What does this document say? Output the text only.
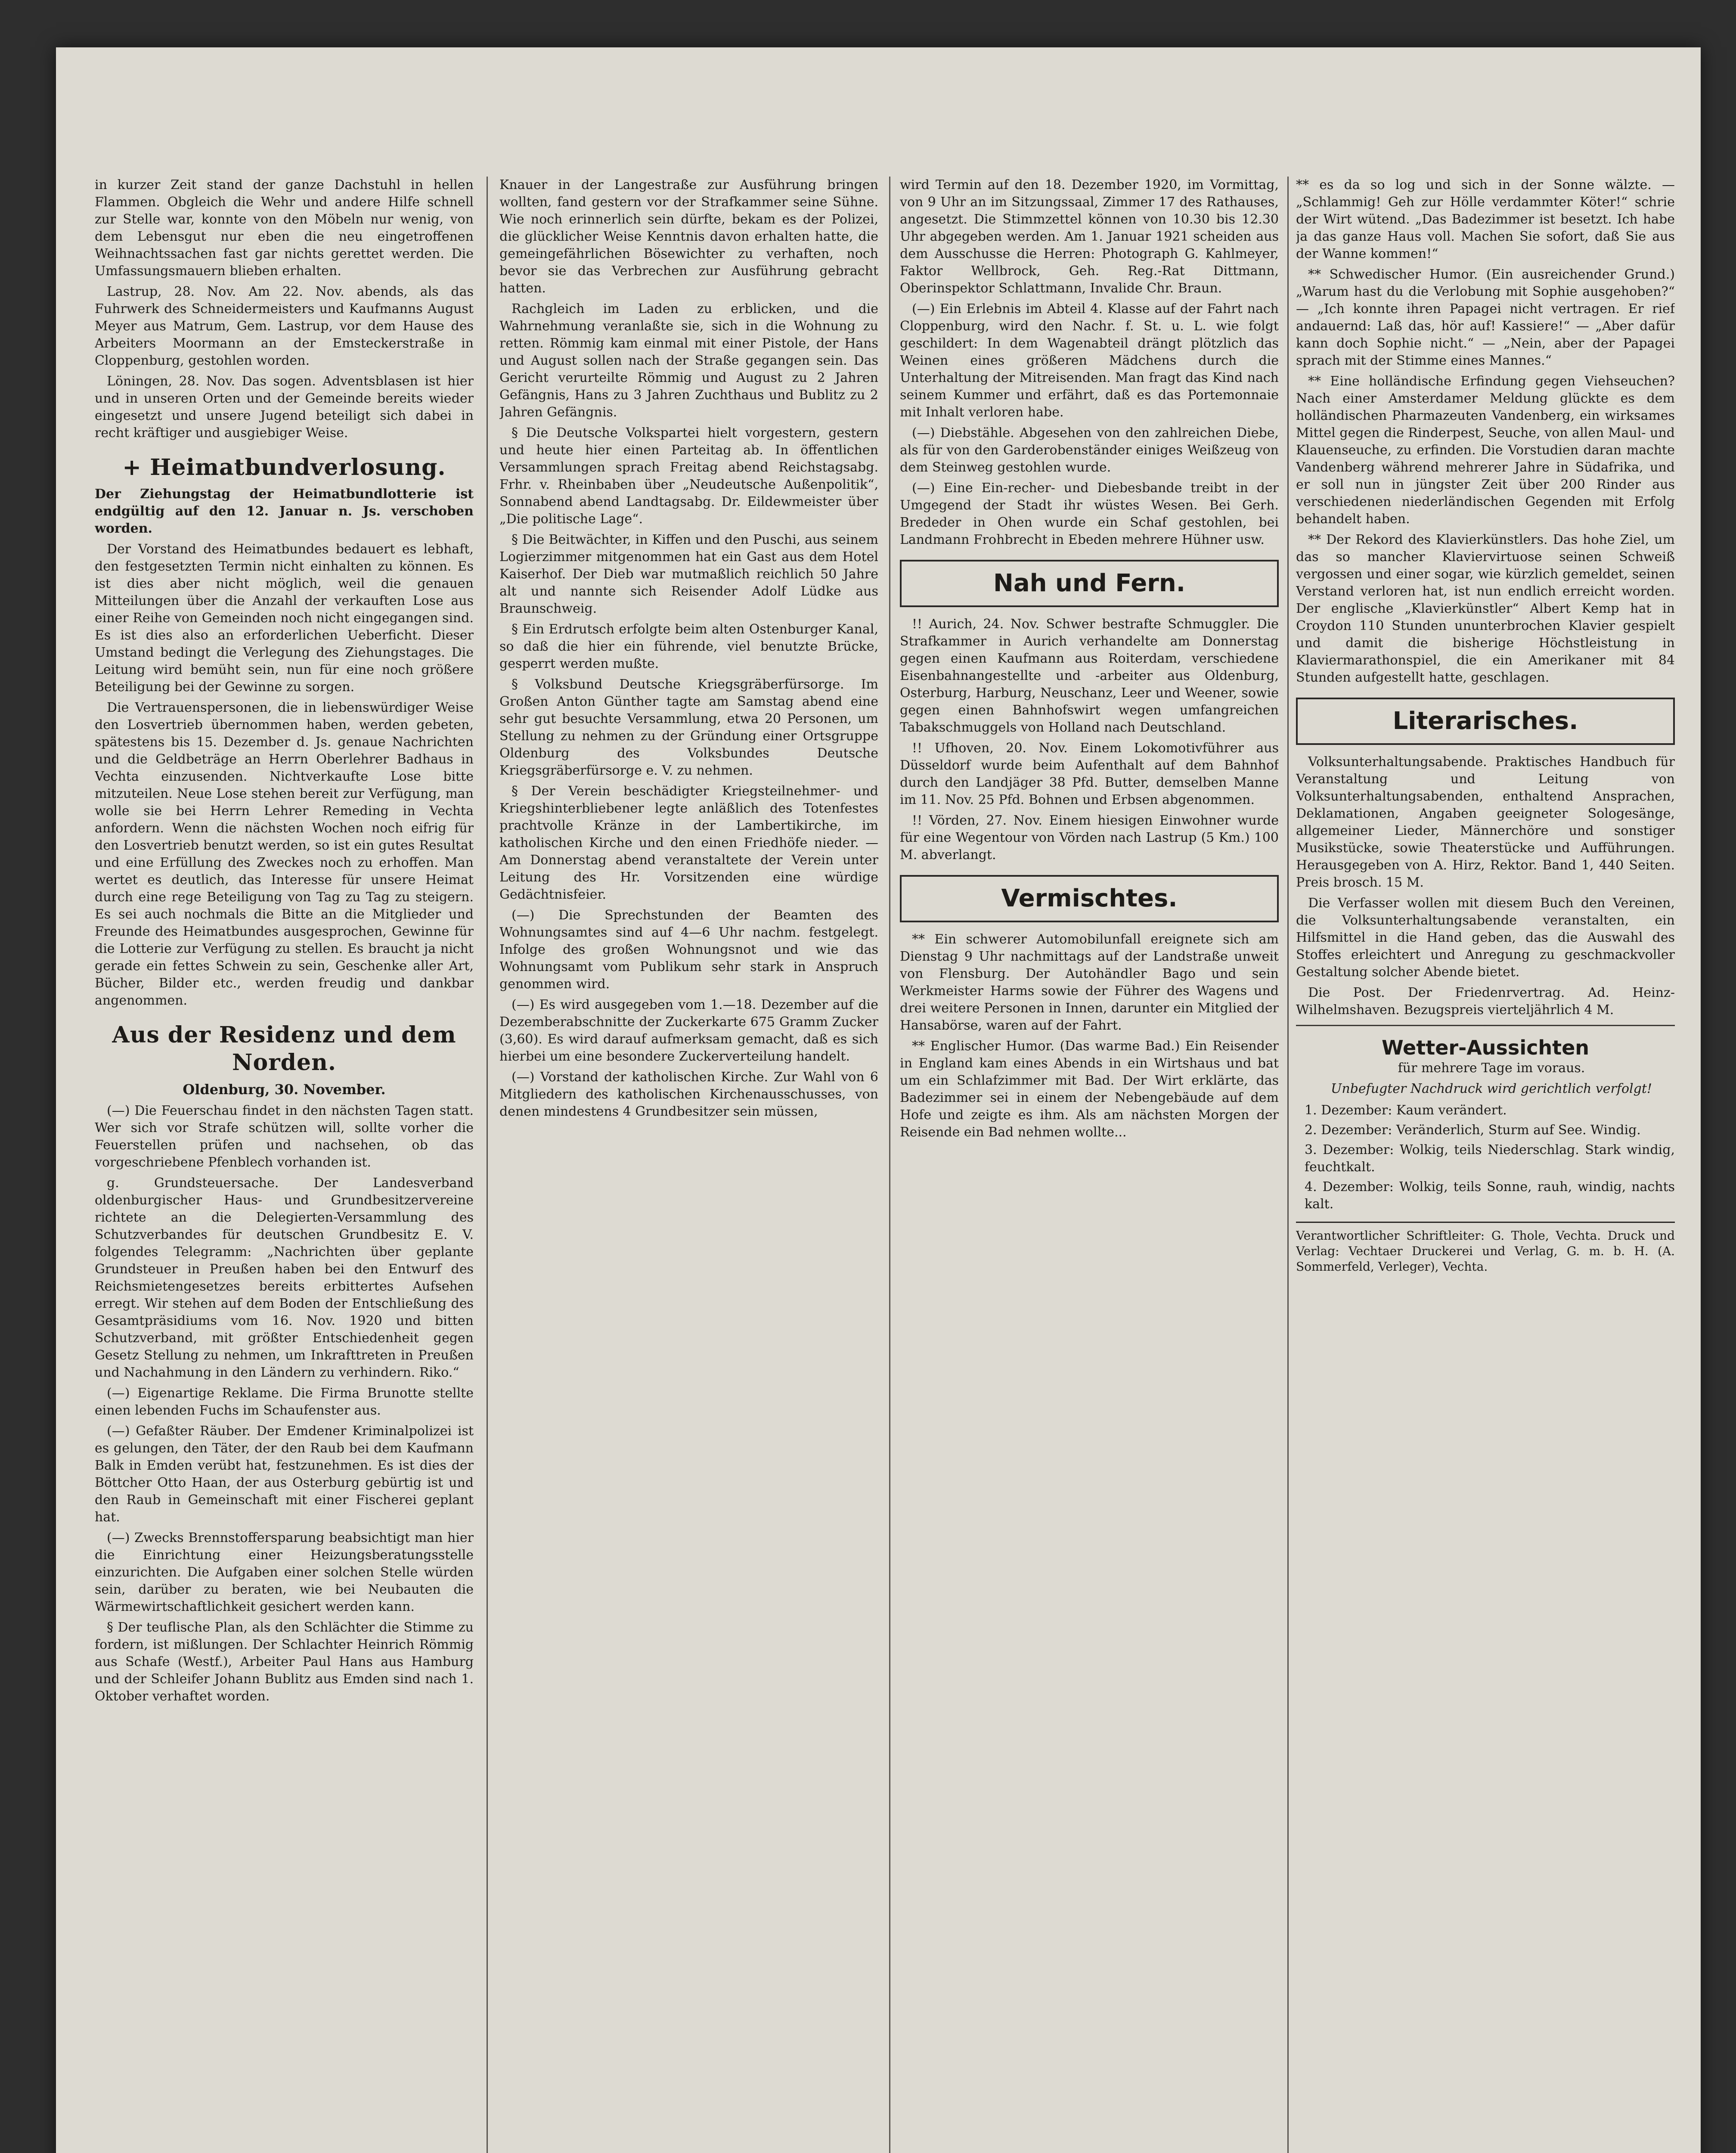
in kurzer Zeit stand der ganze Dachstuhl in hellen Flammen. Obgleich die Wehr und andere Hilfe schnell zur Stelle war, konnte von den Möbeln nur wenig, von dem Lebensgut nur eben die neu eingetroffenen Weihnachtssachen fast gar nichts gerettet werden. Die Umfassungsmauern blieben erhalten.

Lastrup, 28. Nov. Am 22. Nov. abends, als das Fuhrwerk des Schneidermeisters und Kaufmanns August Meyer aus Matrum, Gem. Lastrup, vor dem Hause des Arbeiters Moormann an der Emsteckerstraße in Cloppenburg, gestohlen worden.

Löningen, 28. Nov. Das sogen. Adventsblasen ist hier und in unseren Orten und der Gemeinde bereits wieder eingesetzt und unsere Jugend beteiligt sich dabei in recht kräftiger und ausgiebiger Weise.

+ Heimatbundverlosung.

Der Ziehungstag der Heimatbundlotterie ist endgültig auf den 12. Januar n. Js. verschoben worden.

Der Vorstand des Heimatbundes bedauert es lebhaft, den festgesetzten Termin nicht einhalten zu können. Es ist dies aber nicht möglich, weil die genauen Mitteilungen über die Anzahl der verkauften Lose aus einer Reihe von Gemeinden noch nicht eingegangen sind. Es ist dies also an erforderlichen Ueberficht. Dieser Umstand bedingt die Verlegung des Ziehungstages. Die Leitung wird bemüht sein, nun für eine noch größere Beteiligung bei der Gewinne zu sorgen.

Die Vertrauenspersonen, die in liebenswürdiger Weise den Losvertrieb übernommen haben, werden gebeten, spätestens bis 15. Dezember d. Js. genaue Nachrichten und die Geldbeträge an Herrn Oberlehrer Badhaus in Vechta einzusenden. Nichtverkaufte Lose bitte mitzuteilen. Neue Lose stehen bereit zur Verfügung, man wolle sie bei Herrn Lehrer Remeding in Vechta anfordern. Wenn die nächsten Wochen noch eifrig für den Losvertrieb benutzt werden, so ist ein gutes Resultat und eine Erfüllung des Zweckes noch zu erhoffen. Man wertet es deutlich, das Interesse für unsere Heimat durch eine rege Beteiligung von Tag zu Tag zu steigern. Es sei auch nochmals die Bitte an die Mitglieder und Freunde des Heimatbundes ausgesprochen, Gewinne für die Lotterie zur Verfügung zu stellen. Es braucht ja nicht gerade ein fettes Schwein zu sein, Geschenke aller Art, Bücher, Bilder etc., werden freudig und dankbar angenommen.

Aus der Residenz und dem Norden.
Oldenburg, 30. November.

(—) Die Feuerschau findet in den nächsten Tagen statt. Wer sich vor Strafe schützen will, sollte vorher die Feuerstellen prüfen und nachsehen, ob das vorgeschriebene Pfenblech vorhanden ist.

g. Grundsteuersache. Der Landesverband oldenburgischer Haus- und Grundbesitzervereine richtete an die Delegierten-Versammlung des Schutzverbandes für deutschen Grundbesitz E. V. folgendes Telegramm: „Nachrichten über geplante Grundsteuer in Preußen haben bei den Entwurf des Reichsmietengesetzes bereits erbittertes Aufsehen erregt. Wir stehen auf dem Boden der Entschließung des Gesamtpräsidiums vom 16. Nov. 1920 und bitten Schutzverband, mit größter Entschiedenheit gegen Gesetz Stellung zu nehmen, um Inkrafttreten in Preußen und Nachahmung in den Ländern zu verhindern. Riko.“

(—) Eigenartige Reklame. Die Firma Brunotte stellte einen lebenden Fuchs im Schaufenster aus.

(—) Gefaßter Räuber. Der Emdener Kriminalpolizei ist es gelungen, den Täter, der den Raub bei dem Kaufmann Balk in Emden verübt hat, festzunehmen. Es ist dies der Böttcher Otto Haan, der aus Osterburg gebürtig ist und den Raub in Gemeinschaft mit einer Fischerei geplant hat.

(—) Zwecks Brennstoffersparung beabsichtigt man hier die Einrichtung einer Heizungsberatungsstelle einzurichten. Die Aufgaben einer solchen Stelle würden sein, darüber zu beraten, wie bei Neubauten die Wärmewirtschaftlichkeit gesichert werden kann.

§ Der teuflische Plan, als den Schlächter die Stimme zu fordern, ist mißlungen. Der Schlachter Heinrich Römmig aus Schafe (Westf.), Arbeiter Paul Hans aus Hamburg und der Schleifer Johann Bublitz aus Emden sind nach 1. Oktober verhaftet worden.

Knauer in der Langestraße zur Ausführung bringen wollten, fand gestern vor der Strafkammer seine Sühne. Wie noch erinnerlich sein dürfte, bekam es der Polizei, die glücklicher Weise Kenntnis davon erhalten hatte, die gemeingefährlichen Bösewichter zu verhaften, noch bevor sie das Verbrechen zur Ausführung gebracht hatten.

Rachgleich im Laden zu erblicken, und die Wahrnehmung veranlaßte sie, sich in die Wohnung zu retten. Römmig kam einmal mit einer Pistole, der Hans und August sollen nach der Straße gegangen sein. Das Gericht verurteilte Römmig und August zu 2 Jahren Gefängnis, Hans zu 3 Jahren Zuchthaus und Bublitz zu 2 Jahren Gefängnis.

§ Die Deutsche Volkspartei hielt vorgestern, gestern und heute hier einen Parteitag ab. In öffentlichen Versammlungen sprach Freitag abend Reichstagsabg. Frhr. v. Rheinbaben über „Neudeutsche Außenpolitik“, Sonnabend abend Landtagsabg. Dr. Eildewmeister über „Die politische Lage“.

§ Die Beitwächter, in Kiffen und den Puschi, aus seinem Logierzimmer mitgenommen hat ein Gast aus dem Hotel Kaiserhof. Der Dieb war mutmaßlich reichlich 50 Jahre alt und nannte sich Reisender Adolf Lüdke aus Braunschweig.

§ Ein Erdrutsch erfolgte beim alten Ostenburger Kanal, so daß die hier ein führende, viel benutzte Brücke, gesperrt werden mußte.

§ Volksbund Deutsche Kriegsgräberfürsorge. Im Großen Anton Günther tagte am Samstag abend eine sehr gut besuchte Versammlung, etwa 20 Personen, um Stellung zu nehmen zu der Gründung einer Ortsgruppe Oldenburg des Volksbundes Deutsche Kriegsgräberfürsorge e. V. zu nehmen.

§ Der Verein beschädigter Kriegsteilnehmer- und Kriegshinterbliebener legte anläßlich des Totenfestes prachtvolle Kränze in der Lambertikirche, im katholischen Kirche und den einen Friedhöfe nieder. — Am Donnerstag abend veranstaltete der Verein unter Leitung des Hr. Vorsitzenden eine würdige Gedächtnisfeier.

(—) Die Sprechstunden der Beamten des Wohnungsamtes sind auf 4—6 Uhr nachm. festgelegt. Infolge des großen Wohnungsnot und wie das Wohnungsamt vom Publikum sehr stark in Anspruch genommen wird.

(—) Es wird ausgegeben vom 1.—18. Dezember auf die Dezemberabschnitte der Zuckerkarte 675 Gramm Zucker (3,60). Es wird darauf aufmerksam gemacht, daß es sich hierbei um eine besondere Zuckerverteilung handelt.

(—) Vorstand der katholischen Kirche. Zur Wahl von 6 Mitgliedern des katholischen Kirchenausschusses, von denen mindestens 4 Grundbesitzer sein müssen,

wird Termin auf den 18. Dezember 1920, im Vormittag, von 9 Uhr an im Sitzungssaal, Zimmer 17 des Rathauses, angesetzt. Die Stimmzettel können von 10.30 bis 12.30 Uhr abgegeben werden. Am 1. Januar 1921 scheiden aus dem Ausschusse die Herren: Photograph G. Kahlmeyer, Faktor Wellbrock, Geh. Reg.-Rat Dittmann, Oberinspektor Schlattmann, Invalide Chr. Braun.

(—) Ein Erlebnis im Abteil 4. Klasse auf der Fahrt nach Cloppenburg, wird den Nachr. f. St. u. L. wie folgt geschildert: In dem Wagenabteil drängt plötzlich das Weinen eines größeren Mädchens durch die Unterhaltung der Mitreisenden. Man fragt das Kind nach seinem Kummer und erfährt, daß es das Portemonnaie mit Inhalt verloren habe.

(—) Diebstähle. Abgesehen von den zahlreichen Diebe, als für von den Garderobenständer einiges Weißzeug von dem Steinweg gestohlen wurde.

(—) Eine Ein-recher- und Diebesbande treibt in der Umgegend der Stadt ihr wüstes Wesen. Bei Gerh. Brededer in Ohen wurde ein Schaf gestohlen, bei Landmann Frohbrecht in Ebeden mehrere Hühner usw.

Nah und Fern.

!! Aurich, 24. Nov. Schwer bestrafte Schmuggler. Die Strafkammer in Aurich verhandelte am Donnerstag gegen einen Kaufmann aus Roiterdam, verschiedene Eisenbahnangestellte und -arbeiter aus Oldenburg, Osterburg, Harburg, Neuschanz, Leer und Weener, sowie gegen einen Bahnhofswirt wegen umfangreichen Tabakschmuggels von Holland nach Deutschland.

!! Ufhoven, 20. Nov. Einem Lokomotivführer aus Düsseldorf wurde beim Aufenthalt auf dem Bahnhof durch den Landjäger 38 Pfd. Butter, demselben Manne im 11. Nov. 25 Pfd. Bohnen und Erbsen abgenommen.

!! Vörden, 27. Nov. Einem hiesigen Einwohner wurde für eine Wegentour von Vörden nach Lastrup (5 Km.) 100 M. abverlangt.

Vermischtes.

** Ein schwerer Automobilunfall ereignete sich am Dienstag 9 Uhr nachmittags auf der Landstraße unweit von Flensburg. Der Autohändler Bago und sein Werkmeister Harms sowie der Führer des Wagens und drei weitere Personen in Innen, darunter ein Mitglied der Hansabörse, waren auf der Fahrt.

** Englischer Humor. (Das warme Bad.) Ein Reisender in England kam eines Abends in ein Wirtshaus und bat um ein Schlafzimmer mit Bad. Der Wirt erklärte, das Badezimmer sei in einem der Nebengebäude auf dem Hofe und zeigte es ihm. Als am nächsten Morgen der Reisende ein Bad nehmen wollte...

** es da so log und sich in der Sonne wälzte. — „Schlammig! Geh zur Hölle verdammter Köter!“ schrie der Wirt wütend. „Das Badezimmer ist besetzt. Ich habe ja das ganze Haus voll. Machen Sie sofort, daß Sie aus der Wanne kommen!“

** Schwedischer Humor. (Ein ausreichender Grund.) „Warum hast du die Verlobung mit Sophie ausgehoben?“ — „Ich konnte ihren Papagei nicht vertragen. Er rief andauernd: Laß das, hör auf! Kassiere!“ — „Aber dafür kann doch Sophie nicht.“ — „Nein, aber der Papagei sprach mit der Stimme eines Mannes.“

** Eine holländische Erfindung gegen Viehseuchen? Nach einer Amsterdamer Meldung glückte es dem holländischen Pharmazeuten Vandenberg, ein wirksames Mittel gegen die Rinderpest, Seuche, von allen Maul- und Klauenseuche, zu erfinden. Die Vorstudien daran machte Vandenberg während mehrerer Jahre in Südafrika, und er soll nun in jüngster Zeit über 200 Rinder aus verschiedenen niederländischen Gegenden mit Erfolg behandelt haben.

** Der Rekord des Klavierkünstlers. Das hohe Ziel, um das so mancher Klaviervirtuose seinen Schweiß vergossen und einer sogar, wie kürzlich gemeldet, seinen Verstand verloren hat, ist nun endlich erreicht worden. Der englische „Klavierkünstler“ Albert Kemp hat in Croydon 110 Stunden ununterbrochen Klavier gespielt und damit die bisherige Höchstleistung in Klaviermarathonspiel, die ein Amerikaner mit 84 Stunden aufgestellt hatte, geschlagen.

Literarisches.

Volksunterhaltungsabende. Praktisches Handbuch für Veranstaltung und Leitung von Volksunterhaltungsabenden, enthaltend Ansprachen, Deklamationen, Angaben geeigneter Sologesänge, allgemeiner Lieder, Männerchöre und sonstiger Musikstücke, sowie Theaterstücke und Aufführungen. Herausgegeben von A. Hirz, Rektor. Band 1, 440 Seiten. Preis brosch. 15 M.

Die Verfasser wollen mit diesem Buch den Vereinen, die Volksunterhaltungsabende veranstalten, ein Hilfsmittel in die Hand geben, das die Auswahl des Stoffes erleichtert und Anregung zu geschmackvoller Gestaltung solcher Abende bietet.

Die Post. Der Friedenrvertrag. Ad. Heinz-Wilhelmshaven. Bezugspreis vierteljährlich 4 M.

Wetter-Aussichten

für mehrere Tage im voraus.

Unbefugter Nachdruck wird gerichtlich verfolgt!

1. Dezember: Kaum verändert.
2. Dezember: Veränderlich, Sturm auf See. Windig.
3. Dezember: Wolkig, teils Niederschlag. Stark windig, feuchtkalt.
4. Dezember: Wolkig, teils Sonne, rauh, windig, nachts kalt.
Verantwortlicher Schriftleiter: G. Thole, Vechta. Druck und Verlag: Vechtaer Druckerei und Verlag, G. m. b. H. (A. Sommerfeld, Verleger), Vechta.
